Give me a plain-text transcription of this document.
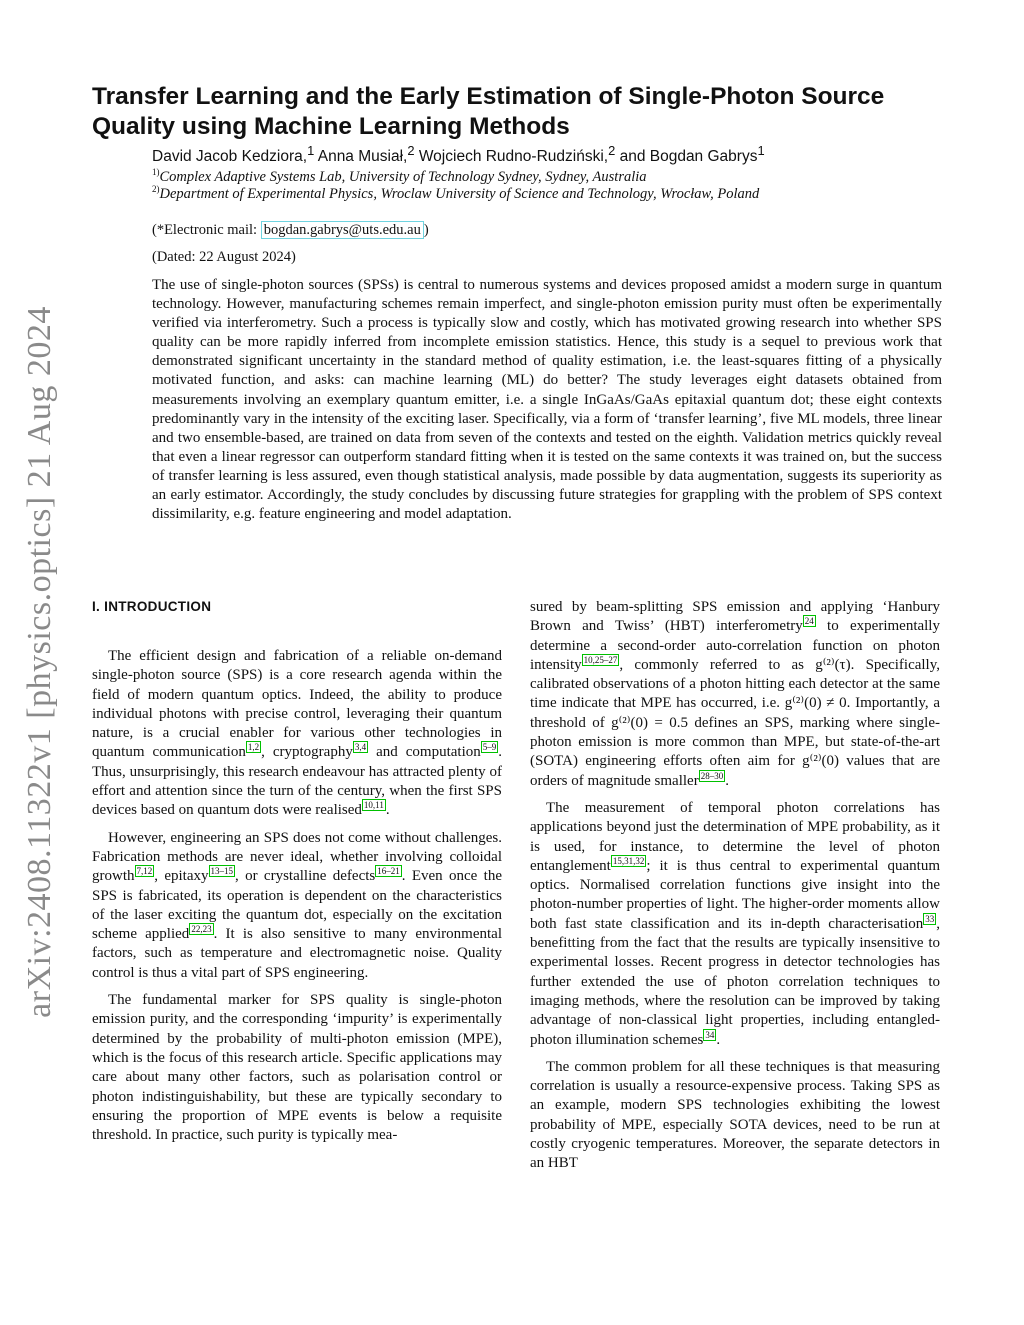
arXiv:2408.11322v1 [physics.optics] 21 Aug 2024
Transfer Learning and the Early Estimation of Single-Photon Source Quality using Machine Learning Methods
David Jacob Kedziora,$^1$ Anna Musiał,$^2$ Wojciech Rudno-Rudziński,$^2$ and Bogdan Gabrys$^1$
$^{1)}$Complex Adaptive Systems Lab, University of Technology Sydney, Sydney, Australia
$^{2)}$Department of Experimental Physics, Wroclaw University of Science and Technology, Wrocław, Poland
(*Electronic mail: bogdan.gabrys@uts.edu.au )
(Dated: 22 August 2024)

The use of single-photon sources (SPSs) is central to numerous systems and devices proposed amidst a modern surge in quantum technology. However, manufacturing schemes remain imperfect, and single-photon emission purity must often be experimentally verified via interferometry. Such a process is typically slow and costly, which has motivated growing research into whether SPS quality can be more rapidly inferred from incomplete emission statistics. Hence, this study is a sequel to previous work that demonstrated significant uncertainty in the standard method of quality estimation, i.e. the least-squares fitting of a physically motivated function, and asks: can machine learning (ML) do better? The study leverages eight datasets obtained from measurements involving an exemplary quantum emitter, i.e. a single InGaAs/GaAs epitaxial quantum dot; these eight contexts predominantly vary in the intensity of the exciting laser. Specifically, via a form of ‘transfer learning’, five ML models, three linear and two ensemble-based, are trained on data from seven of the contexts and tested on the eighth. Validation metrics quickly reveal that even a linear regressor can outperform standard fitting when it is tested on the same contexts it was trained on, but the success of transfer learning is less assured, even though statistical analysis, made possible by data augmentation, suggests its superiority as an early estimator. Accordingly, the study concludes by discussing future strategies for grappling with the problem of SPS context dissimilarity, e.g. feature engineering and model adaptation.

I. INTRODUCTION

The efficient design and fabrication of a reliable on-demand single-photon source (SPS) is a core research agenda within the field of modern quantum optics. Indeed, the ability to produce individual photons with precise control, leveraging their quantum nature, is a crucial enabler for various other technologies in quantum communication $^{1,2}$ , cryptography $^{3,4}$ and computation $^{5-9}$ . Thus, unsurprisingly, this research endeavour has attracted plenty of effort and attention since the turn of the century, when the first SPS devices based on quantum dots were realised $^{10,11}$ .

However, engineering an SPS does not come without challenges. Fabrication methods are never ideal, whether involving colloidal growth $^{7,12}$ , epitaxy $^{13-15}$ , or crystalline defects $^{16-21}$ . Even once the SPS is fabricated, its operation is dependent on the characteristics of the laser exciting the quantum dot, especially on the excitation scheme applied $^{22,23}$ . It is also sensitive to many environmental factors, such as temperature and electromagnetic noise. Quality control is thus a vital part of SPS engineering.

The fundamental marker for SPS quality is single-photon emission purity, and the corresponding ‘impurity’ is experimentally determined by the probability of multi-photon emission (MPE), which is the focus of this research article. Specific applications may care about many other factors, such as polarisation control or photon indistinguishability, but these are typically secondary to ensuring the proportion of MPE events is below a requisite threshold. In practice, such purity is typically mea-

sured by beam-splitting SPS emission and applying ‘Hanbury Brown and Twiss’ (HBT) interferometry $^{24}$ to experimentally determine a second-order auto-correlation function on photon intensity $^{10,25-27}$ , commonly referred to as g⁽²⁾(τ). Specifically, calibrated observations of a photon hitting each detector at the same time indicate that MPE has occurred, i.e. g⁽²⁾(0) ≠ 0. Importantly, a threshold of g⁽²⁾(0) = 0.5 defines an SPS, marking where single-photon emission is more common than MPE, but state-of-the-art (SOTA) engineering efforts often aim for g⁽²⁾(0) values that are orders of magnitude smaller $^{28-30}$ .

The measurement of temporal photon correlations has applications beyond just the determination of MPE probability, as it is used, for instance, to determine the level of photon entanglement $^{15,31,32}$ ; it is thus central to experimental quantum optics. Normalised correlation functions give insight into the photon-number properties of light. The higher-order moments allow both fast state classification and its in-depth characterisation $^{33}$ , benefitting from the fact that the results are typically insensitive to experimental losses. Recent progress in detector technologies has further extended the use of photon correlation techniques to imaging methods, where the resolution can be improved by taking advantage of non-classical light properties, including entangled-photon illumination schemes $^{34}$ .

The common problem for all these techniques is that measuring correlation is usually a resource-expensive process. Taking SPS as an example, modern SPS technologies exhibiting the lowest probability of MPE, especially SOTA devices, need to be run at costly cryogenic temperatures. Moreover, the separate detectors in an HBT
